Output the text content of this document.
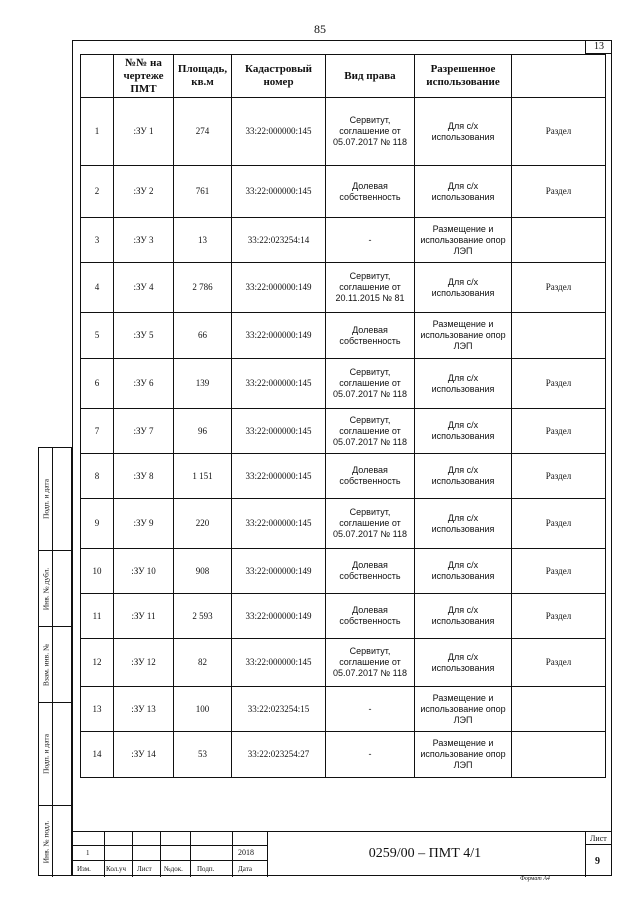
85
13
	№№ на чертеже ПМТ	Площадь, кв.м	Кадастровый номер	Вид права	Разрешенное использование	
1	:ЗУ 1	274	33:22:000000:145	Сервитут, соглашение от 05.07.2017 № 118	Для с/х использования	Раздел
2	:ЗУ 2	761	33:22:000000:145	Долевая собственность	Для с/х использования	Раздел
3	:ЗУ 3	13	33:22:023254:14	-	Размещение и использование опор ЛЭП	
4	:ЗУ 4	2 786	33:22:000000:149	Сервитут, соглашение от 20.11.2015 № 81	Для с/х использования	Раздел
5	:ЗУ 5	66	33:22:000000:149	Долевая собственность	Размещение и использование опор ЛЭП	
6	:ЗУ 6	139	33:22:000000:145	Сервитут, соглашение от 05.07.2017 № 118	Для с/х использования	Раздел
7	:ЗУ 7	96	33:22:000000:145	Сервитут, соглашение от 05.07.2017 № 118	Для с/х использования	Раздел
8	:ЗУ 8	1 151	33:22:000000:145	Долевая собственность	Для с/х использования	Раздел
9	:ЗУ 9	220	33:22:000000:145	Сервитут, соглашение от 05.07.2017 № 118	Для с/х использования	Раздел
10	:ЗУ 10	908	33:22:000000:149	Долевая собственность	Для с/х использования	Раздел
11	:ЗУ 11	2 593	33:22:000000:149	Долевая собственность	Для с/х использования	Раздел
12	:ЗУ 12	82	33:22:000000:145	Сервитут, соглашение от 05.07.2017 № 118	Для с/х использования	Раздел
13	:ЗУ 13	100	33:22:023254:15	-	Размещение и использование опор ЛЭП	
14	:ЗУ 14	53	33:22:023254:27	-	Размещение и использование опор ЛЭП	
Подп. и дата
Инв. № дубл.
Взам. инв. №
Подп. и дата
Инв. № подл.	1	2018
Изм. Кол.уч Лист №док. Подп.	Дата
Лист
9
0259/00 – ПМТ 4/1
Формат А4
